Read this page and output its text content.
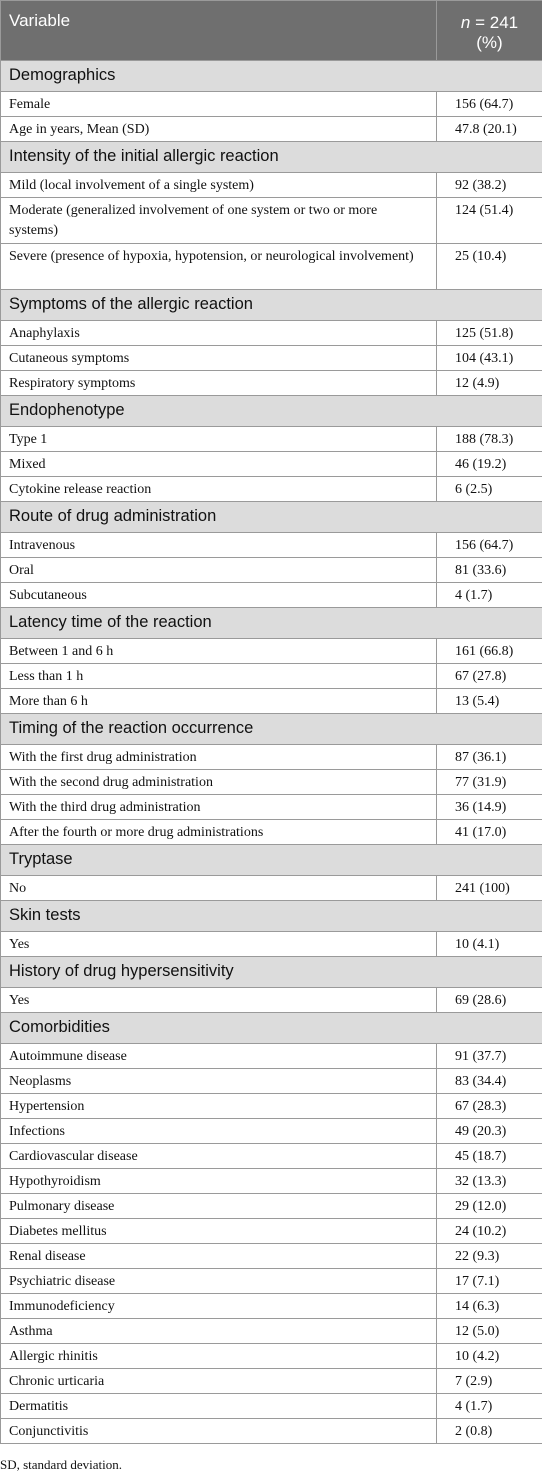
Variable	n = 241
(%)
Demographics	
Female	156 (64.7)
Age in years, Mean (SD)	47.8 (20.1)
Intensity of the initial allergic reaction	
Mild (local involvement of a single system)	92 (38.2)
Moderate (generalized involvement of one system or two or more systems)	124 (51.4)
Severe (presence of hypoxia, hypotension, or neurological involvement)	25 (10.4)
Symptoms of the allergic reaction	
Anaphylaxis	125 (51.8)
Cutaneous symptoms	104 (43.1)
Respiratory symptoms	12 (4.9)
Endophenotype	
Type 1	188 (78.3)
Mixed	46 (19.2)
Cytokine release reaction	6 (2.5)
Route of drug administration	
Intravenous	156 (64.7)
Oral	81 (33.6)
Subcutaneous	4 (1.7)
Latency time of the reaction	
Between 1 and 6 h	161 (66.8)
Less than 1 h	67 (27.8)
More than 6 h	13 (5.4)
Timing of the reaction occurrence	
With the first drug administration	87 (36.1)
With the second drug administration	77 (31.9)
With the third drug administration	36 (14.9)
After the fourth or more drug administrations	41 (17.0)
Tryptase	
No	241 (100)
Skin tests	
Yes	10 (4.1)
History of drug hypersensitivity	
Yes	69 (28.6)
Comorbidities	
Autoimmune disease	91 (37.7)
Neoplasms	83 (34.4)
Hypertension	67 (28.3)
Infections	49 (20.3)
Cardiovascular disease	45 (18.7)
Hypothyroidism	32 (13.3)
Pulmonary disease	29 (12.0)
Diabetes mellitus	24 (10.2)
Renal disease	22 (9.3)
Psychiatric disease	17 (7.1)
Immunodeficiency	14 (6.3)
Asthma	12 (5.0)
Allergic rhinitis	10 (4.2)
Chronic urticaria	7 (2.9)
Dermatitis	4 (1.7)
Conjunctivitis	2 (0.8)
SD, standard deviation.
